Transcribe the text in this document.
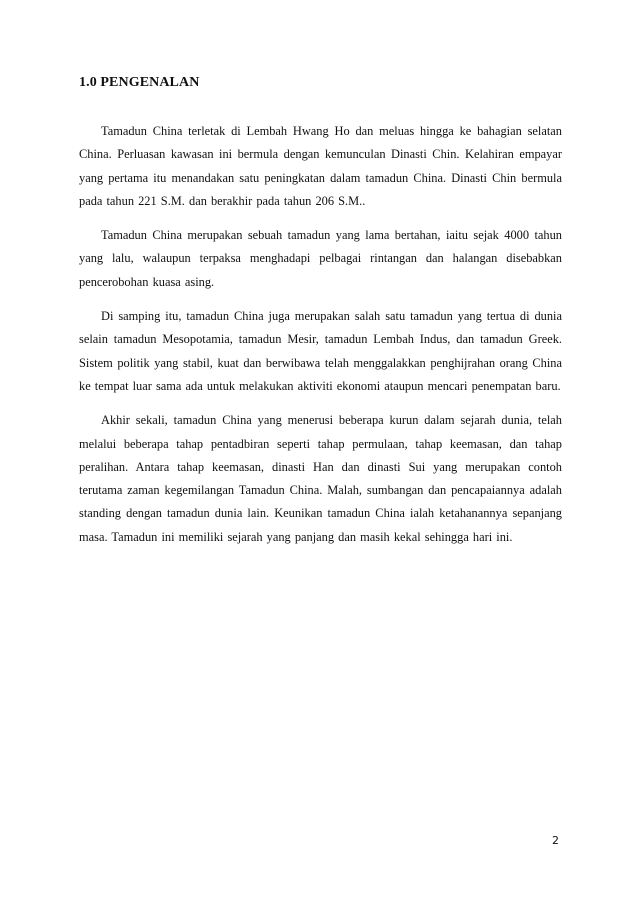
1.0 PENGENALAN

Tamadun China terletak di Lembah Hwang Ho dan meluas hingga ke bahagian selatan China. Perluasan kawasan ini bermula dengan kemunculan Dinasti Chin. Kelahiran empayar yang pertama itu menandakan satu peningkatan dalam tamadun China. Dinasti Chin bermula pada tahun 221 S.M. dan berakhir pada tahun 206 S.M..

Tamadun China merupakan sebuah tamadun yang lama bertahan, iaitu sejak 4000 tahun yang lalu, walaupun terpaksa menghadapi pelbagai rintangan dan halangan disebabkan pencerobohan kuasa asing.

Di samping itu, tamadun China juga merupakan salah satu tamadun yang tertua di dunia selain tamadun Mesopotamia, tamadun Mesir, tamadun Lembah Indus, dan tamadun Greek. Sistem politik yang stabil, kuat dan berwibawa telah menggalakkan penghijrahan orang China ke tempat luar sama ada untuk melakukan aktiviti ekonomi ataupun mencari penempatan baru.

Akhir sekali, tamadun China yang menerusi beberapa kurun dalam sejarah dunia, telah melalui beberapa tahap pentadbiran seperti tahap permulaan, tahap keemasan, dan tahap peralihan. Antara tahap keemasan, dinasti Han dan dinasti Sui yang merupakan contoh terutama zaman kegemilangan Tamadun China. Malah, sumbangan dan pencapaiannya adalah standing dengan tamadun dunia lain. Keunikan tamadun China ialah ketahanannya sepanjang masa. Tamadun ini memiliki sejarah yang panjang dan masih kekal sehingga hari ini.

2
